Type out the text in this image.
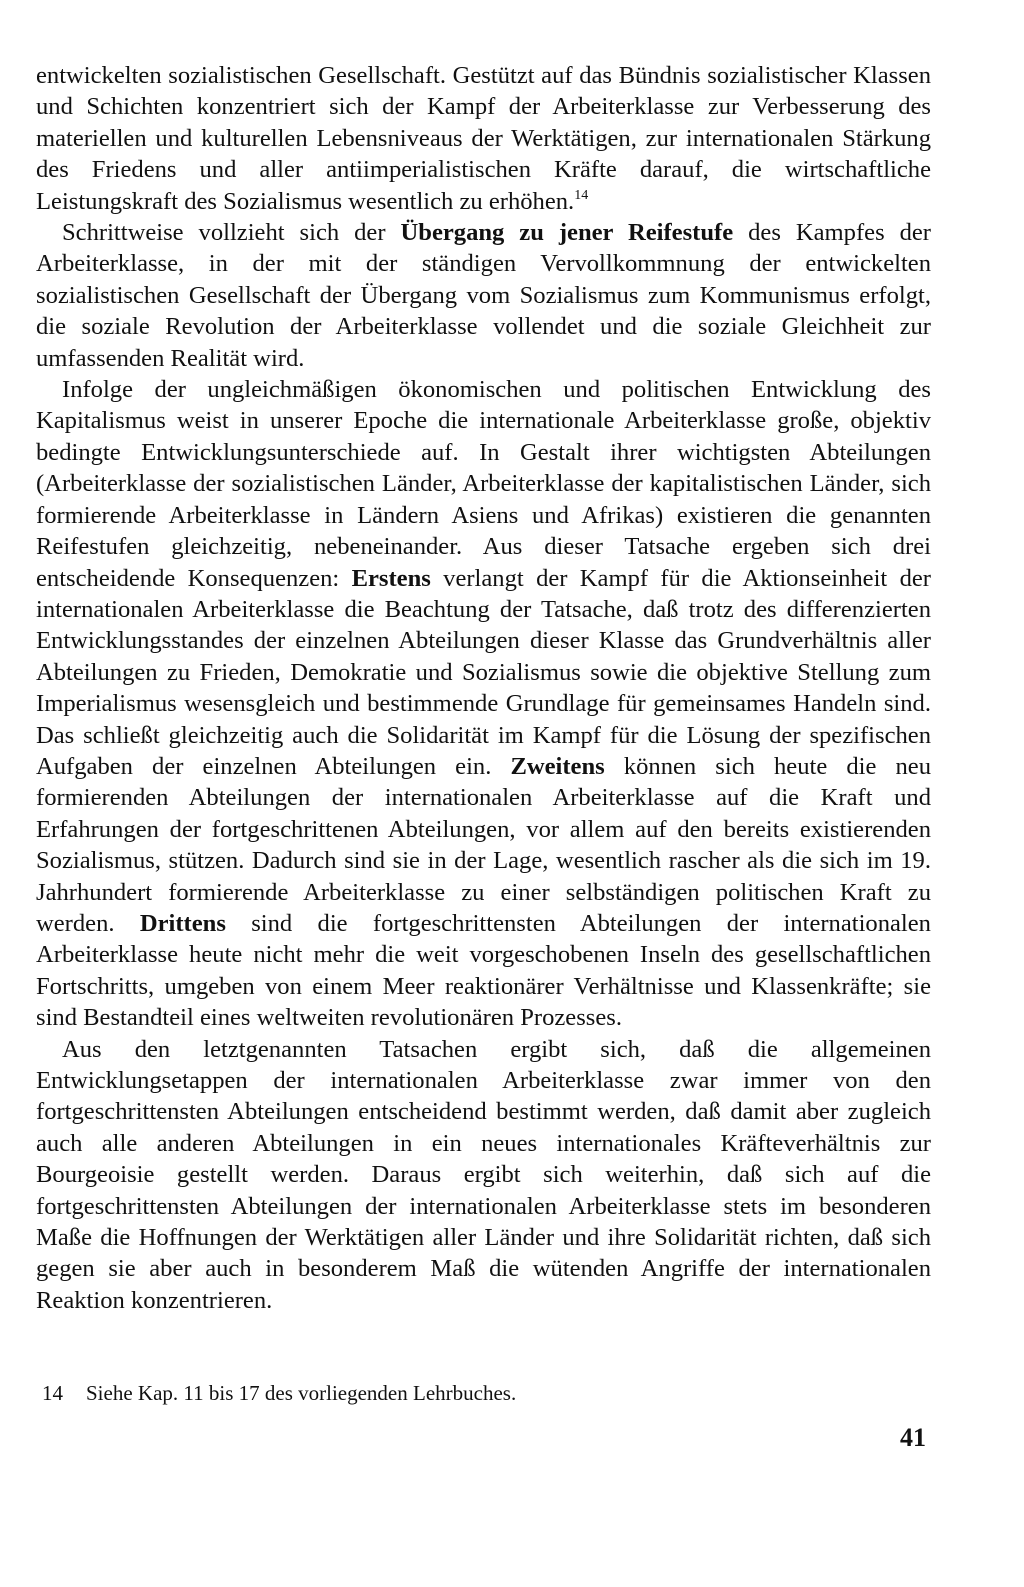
entwickelten sozialistischen Gesellschaft. Gestützt auf das Bündnis sozialistischer Klassen und Schichten konzentriert sich der Kampf der Arbeiterklasse zur Verbesserung des materiellen und kulturellen Lebensniveaus der Werktätigen, zur internationalen Stärkung des Friedens und aller antiimperialistischen Kräfte darauf, die wirtschaftliche Leistungskraft des Sozialismus wesentlich zu erhöhen.$^{14}$

Schrittweise vollzieht sich der Übergang zu jener Reifestufe des Kampfes der Arbeiterklasse, in der mit der ständigen Vervollkommnung der entwickelten sozialistischen Gesellschaft der Übergang vom Sozialismus zum Kommunismus erfolgt, die soziale Revolution der Arbeiterklasse vollendet und die soziale Gleichheit zur umfassenden Realität wird.

Infolge der ungleichmäßigen ökonomischen und politischen Entwicklung des Kapitalismus weist in unserer Epoche die internationale Arbeiterklasse große, objektiv bedingte Entwicklungsunterschiede auf. In Gestalt ihrer wichtigsten Abteilungen (Arbeiterklasse der sozialistischen Länder, Arbeiterklasse der kapitalistischen Länder, sich formierende Arbeiterklasse in Ländern Asiens und Afrikas) existieren die genannten Reifestufen gleichzeitig, nebeneinander. Aus dieser Tatsache ergeben sich drei entscheidende Konsequenzen: Erstens verlangt der Kampf für die Aktionseinheit der internationalen Arbeiterklasse die Beachtung der Tatsache, daß trotz des differenzierten Entwicklungsstandes der einzelnen Abteilungen dieser Klasse das Grundverhältnis aller Abteilungen zu Frieden, Demokratie und Sozialismus sowie die objektive Stellung zum Imperialismus wesensgleich und bestimmende Grundlage für gemeinsames Handeln sind. Das schließt gleichzeitig auch die Solidarität im Kampf für die Lösung der spezifischen Aufgaben der einzelnen Abteilungen ein. Zweitens können sich heute die neu formierenden Abteilungen der internationalen Arbeiterklasse auf die Kraft und Erfahrungen der fortgeschrittenen Abteilungen, vor allem auf den bereits existierenden Sozialismus, stützen. Dadurch sind sie in der Lage, wesentlich rascher als die sich im 19. Jahrhundert formierende Arbeiterklasse zu einer selbständigen politischen Kraft zu werden. Drittens sind die fortgeschrittensten Abteilungen der internationalen Arbeiterklasse heute nicht mehr die weit vorgeschobenen Inseln des gesellschaftlichen Fortschritts, umgeben von einem Meer reaktionärer Verhältnisse und Klassenkräfte; sie sind Bestandteil eines weltweiten revolutionären Prozesses.

Aus den letztgenannten Tatsachen ergibt sich, daß die allgemeinen Entwicklungsetappen der internationalen Arbeiterklasse zwar immer von den fortgeschrittensten Abteilungen entscheidend bestimmt werden, daß damit aber zugleich auch alle anderen Abteilungen in ein neues internationales Kräfteverhältnis zur Bourgeoisie gestellt werden. Daraus ergibt sich weiterhin, daß sich auf die fortgeschrittensten Abteilungen der internationalen Arbeiterklasse stets im besonderen Maße die Hoffnungen der Werktätigen aller Länder und ihre Solidarität richten, daß sich gegen sie aber auch in besonderem Maß die wütenden Angriffe der internationalen Reaktion konzentrieren.

14 Siehe Kap. 11 bis 17 des vorliegenden Lehrbuches.

41
